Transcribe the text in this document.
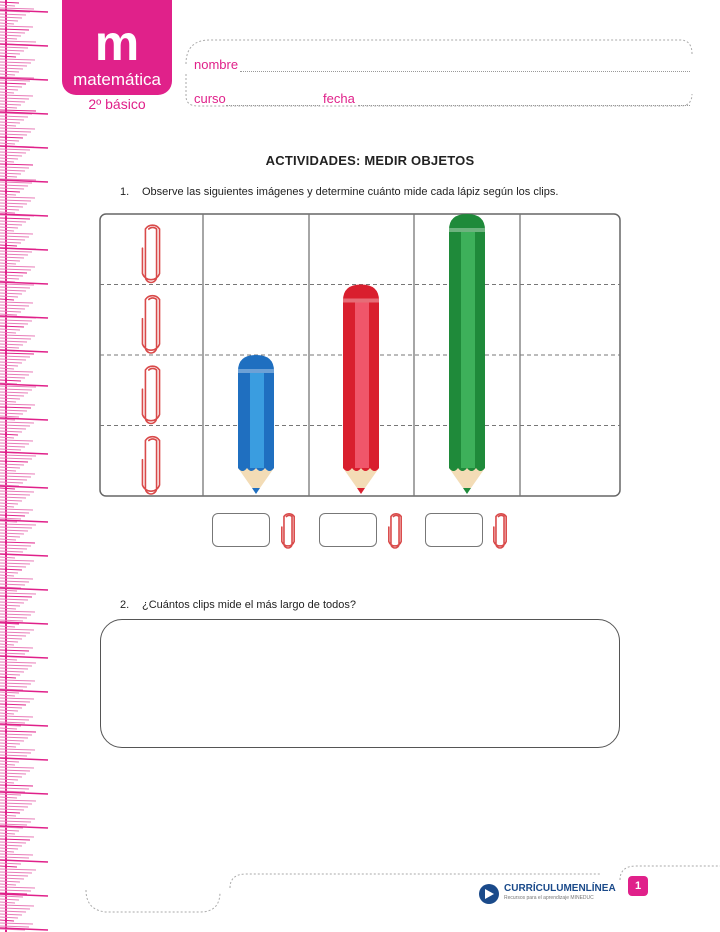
m
matemática
2º básico
nombre
curso	fecha
ACTIVIDADES: MEDIR OBJETOS
1. Observe las siguientes imágenes y determine cuánto mide cada lápiz según los clips.
2. ¿Cuántos clips mide el más largo de todos?
CURRÍCULUMENLÍNEA
Recursos para el aprendizaje MINEDUC
1
